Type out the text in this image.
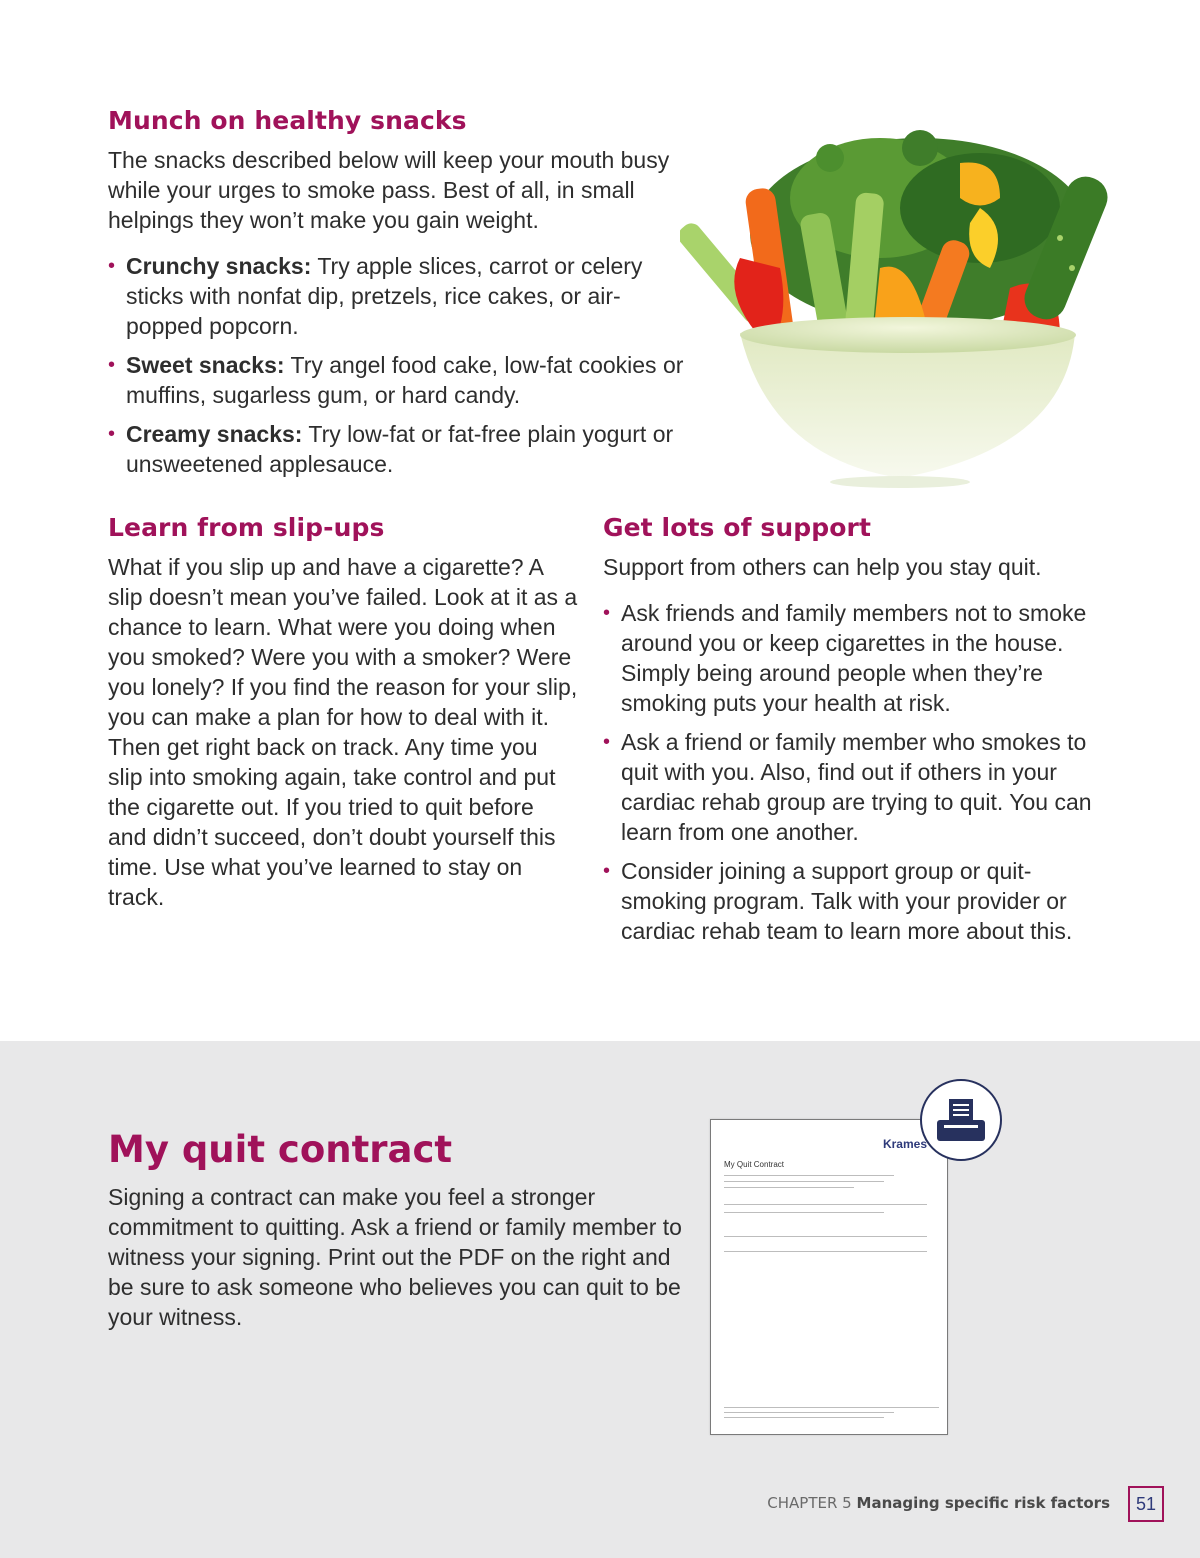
Munch on healthy snacks

The snacks described below will keep your mouth busy while your urges to smoke pass. Best of all, in small helpings they won’t make you gain weight.

• Crunchy snacks: Try apple slices, carrot or celery sticks with nonfat dip, pretzels, rice cakes, or air-popped popcorn.
• Sweet snacks: Try angel food cake, low-fat cookies or muffins, sugarless gum, or hard candy.
• Creamy snacks: Try low-fat or fat-free plain yogurt or unsweetened applesauce.
Learn from slip-ups

What if you slip up and have a cigarette? A slip doesn’t mean you’ve failed. Look at it as a chance to learn. What were you doing when you smoked? Were you with a smoker? Were you lonely? If you find the reason for your slip, you can make a plan for how to deal with it. Then get right back on track. Any time you slip into smoking again, take control and put the cigarette out. If you tried to quit before and didn’t succeed, don’t doubt yourself this time. Use what you’ve learned to stay on track.

Get lots of support

Support from others can help you stay quit.

• Ask friends and family members not to smoke around you or keep cigarettes in the house. Simply being around people when they’re smoking puts your health at risk.
• Ask a friend or family member who smokes to quit with you. Also, find out if others in your cardiac rehab group are trying to quit. You can learn from one another.
• Consider joining a support group or quit-smoking program. Talk with your provider or cardiac rehab team to learn more about this.
My quit contract

Signing a contract can make you feel a stronger commitment to quitting. Ask a friend or family member to witness your signing. Print out the PDF on the right and be sure to ask someone who believes you can quit to be your witness.

Krames
My Quit Contract
CHAPTER 5 Managing specific risk factors	51
